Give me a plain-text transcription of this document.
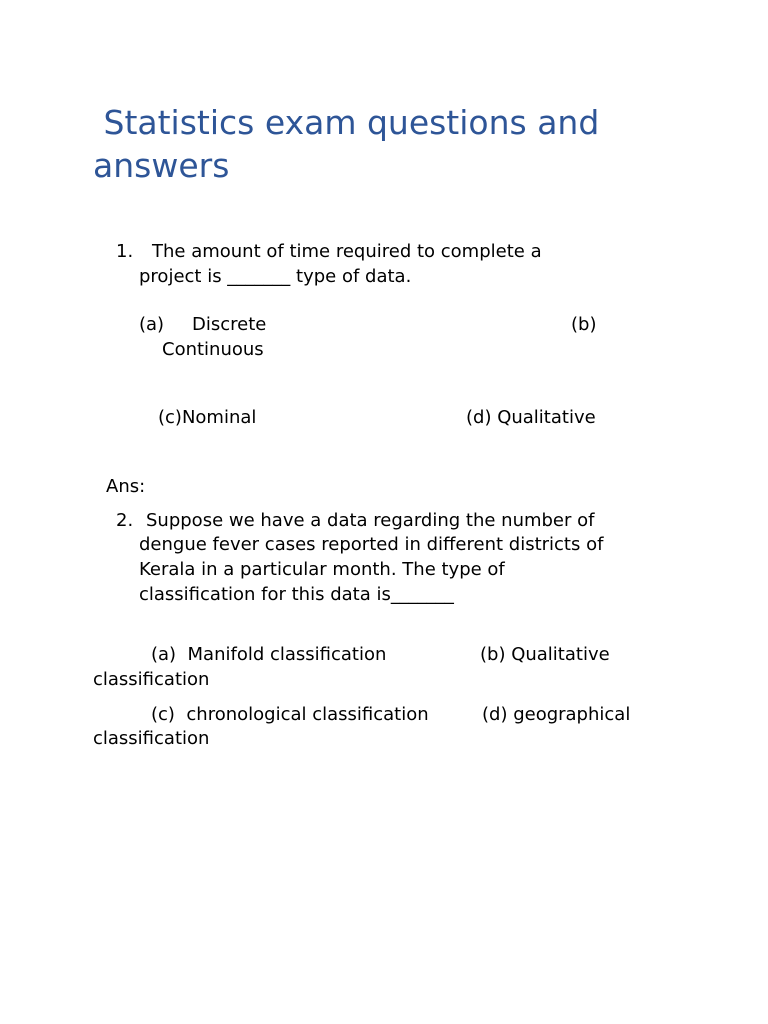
Statistics exam questions and answers
1. The amount of time required to complete a
project is _______ type of data.
(a) Discrete	(b)
Continuous
(c)Nominal	(d) Qualitative
Ans:
2. Suppose we have a data regarding the number of
dengue fever cases reported in different districts of
Kerala in a particular month. The type of
classification for this data is_______
(a)  Manifold classification	(b) Qualitative
classification
(c)  chronological classification	(d) geographical
classification
